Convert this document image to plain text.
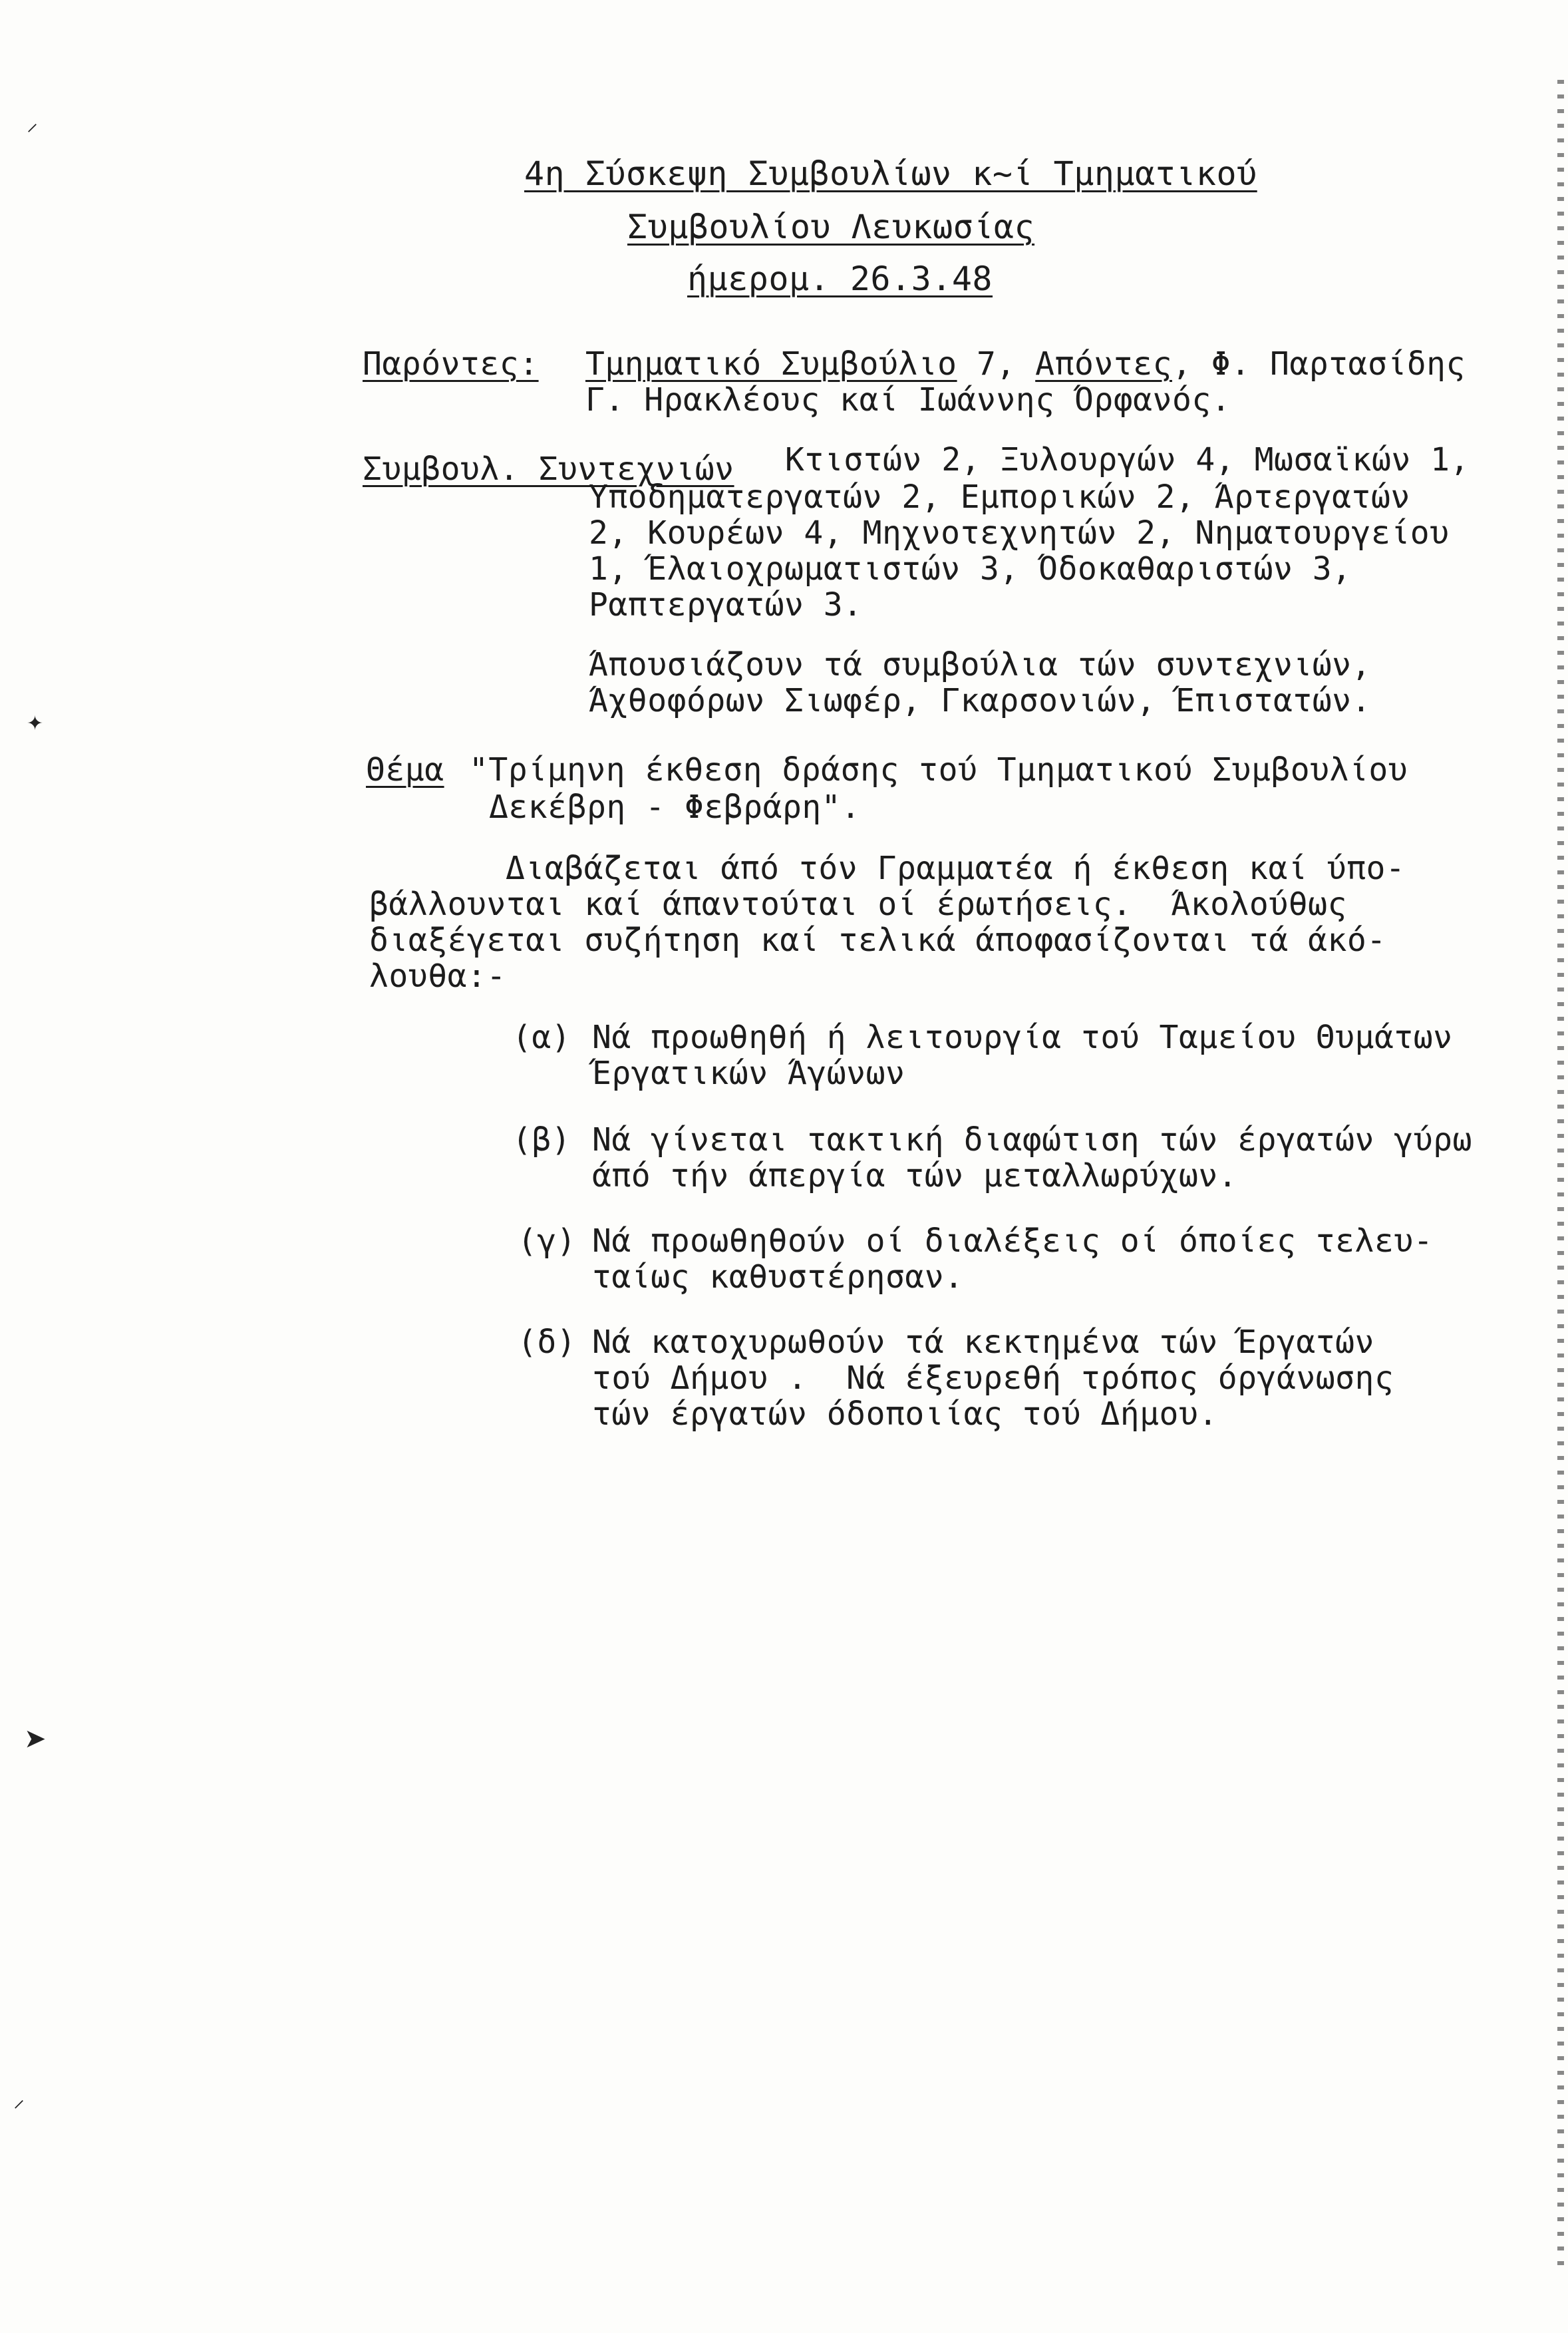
4η Σύσκεψη Συμβουλίων κ~ί Τμηματικού
Συμβουλίου Λευκωσίας
ήμερομ. 26.3.48
Παρόντες: Τμηματικό Συμβούλιο 7, Απόντες, Φ. Παρτασίδης
Γ. Ηρακλέους καί Ιωάννης Όρφανός.
Συμβουλ. Συντεχνιών Κτιστών 2, Ξυλουργών 4, Μωσαϊκών 1,
Υποδηματεργατών 2, Εμπορικών 2, Άρτεργατών
2, Κουρέων 4, Μηχνοτεχνητών 2, Νηματουργείου
1, Έλαιοχρωματιστών 3, Όδοκαθαριστών 3,
Ραπτεργατών 3.
Άπουσιάζουν τά συμβούλια τών συντεχνιών,
Άχθοφόρων Σιωφέρ, Γκαρσονιών, Έπιστατών.
Θέμα "Τρίμηνη έκθεση δράσης τού Τμηματικού Συμβουλίου
Δεκέβρη - Φεβράρη".
Διαβάζεται άπό τόν Γραμματέα ή έκθεση καί ύπο-
βάλλουνται καί άπαντούται οί έρωτήσεις.  Άκολούθως
διαξέγεται συζήτηση καί τελικά άποφασίζονται τά άκό-
λουθα:-
(α) Νά προωθηθή ή λειτουργία τού Ταμείου Θυμάτων
Έργατικών Άγώνων
(β) Νά γίνεται τακτική διαφώτιση τών έργατών γύρω
άπό τήν άπεργία τών μεταλλωρύχων.
(γ) Νά προωθηθούν οί διαλέξεις οί όποίες τελευ-
ταίως καθυστέρησαν.
(δ) Νά κατοχυρωθούν τά κεκτημένα τών Έργατών
τού Δήμου .  Νά έξευρεθή τρόπος όργάνωσης
τών έργατών όδοποιίας τού Δήμου.
⸝
✦
➤
⸝
